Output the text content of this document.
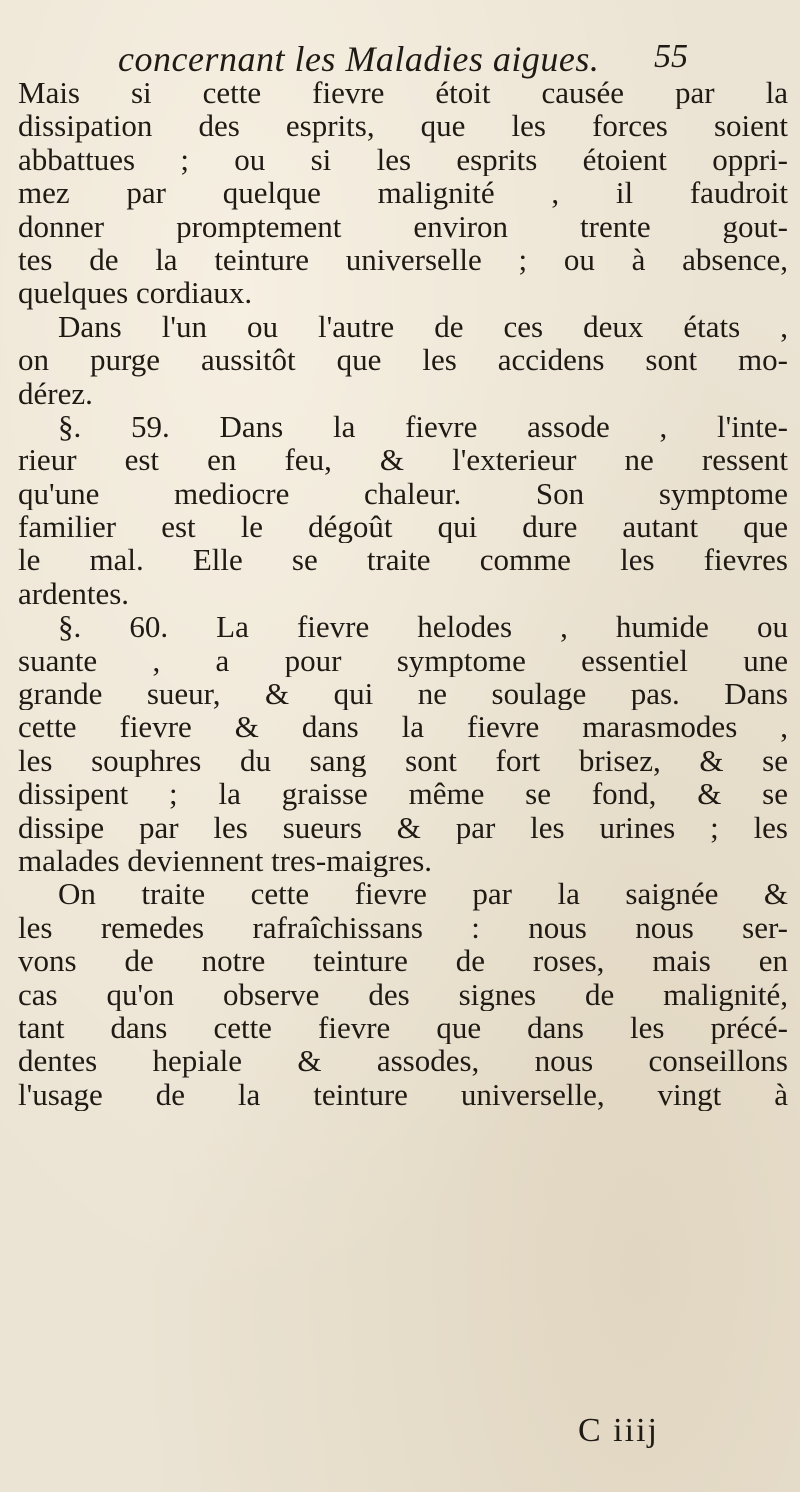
concernant les Maladies aigues. 55
Mais si cette fievre étoit causée par la
dissipation des esprits, que les forces soient
abbattues ; ou si les esprits étoient oppri-
mez par quelque malignité , il faudroit
donner promptement environ trente gout-
tes de la teinture universelle ; ou à absence,
quelques cordiaux.
Dans l'un ou l'autre de ces deux états ,
on purge aussitôt que les accidens sont mo-
dérez.
§. 59. Dans la fievre assode , l'inte-
rieur est en feu, & l'exterieur ne ressent
qu'une mediocre chaleur. Son symptome
familier est le dégoût qui dure autant que
le mal. Elle se traite comme les fievres
ardentes.
§. 60. La fievre helodes , humide ou
suante , a pour symptome essentiel une
grande sueur, & qui ne soulage pas. Dans
cette fievre & dans la fievre marasmodes ,
les souphres du sang sont fort brisez, & se
dissipent ; la graisse même se fond, & se
dissipe par les sueurs & par les urines ; les
malades deviennent tres-maigres.
On traite cette fievre par la saignée &
les remedes rafraîchissans : nous nous ser-
vons de notre teinture de roses, mais en
cas qu'on observe des signes de malignité,
tant dans cette fievre que dans les précé-
dentes hepiale & assodes, nous conseillons
l'usage de la teinture universelle, vingt à
C iiij
